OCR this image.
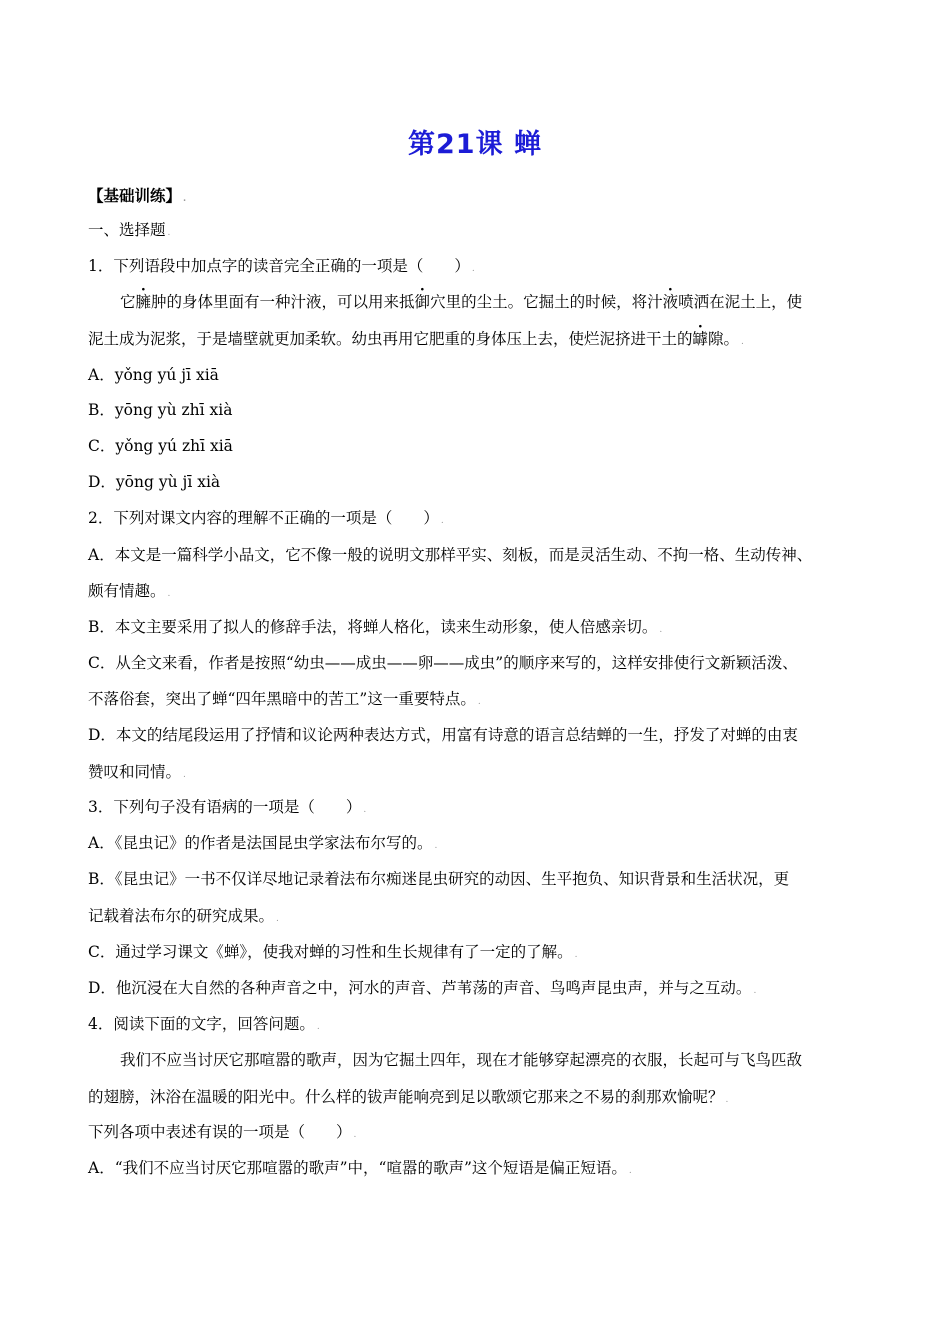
第21课 蝉
【基础训练】 .
一、选择题 .
1．下列语段中加点字的读音完全正确的一项是（　　） .
它臃肿的身体里面有一种汁液，可以用来抵御穴里的尘土。它掘土的时候，将汁液喷洒在泥土上，使
泥土成为泥浆，于是墙壁就更加柔软。幼虫再用它肥重的身体压上去，使烂泥挤进干土的罅隙。 .
A．yǒng yú jī xiā
B．yōng yù zhī xià
C．yǒng yú zhī xiā
D．yōng yù jī xià
2．下列对课文内容的理解不正确的一项是（　　） .
A．本文是一篇科学小品文，它不像一般的说明文那样平实、刻板，而是灵活生动、不拘一格、生动传神、
颇有情趣。 .
B．本文主要采用了拟人的修辞手法，将蝉人格化，读来生动形象，使人倍感亲切。 .
C．从全文来看，作者是按照“幼虫——成虫——卵——成虫”的顺序来写的，这样安排使行文新颖活泼、
不落俗套，突出了蝉“四年黑暗中的苦工”这一重要特点。 .
D．本文的结尾段运用了抒情和议论两种表达方式，用富有诗意的语言总结蝉的一生，抒发了对蝉的由衷
赞叹和同情。 .
3．下列句子没有语病的一项是（　　） .
A．《昆虫记》的作者是法国昆虫学家法布尔写的。 .
B．《昆虫记》一书不仅详尽地记录着法布尔痴迷昆虫研究的动因、生平抱负、知识背景和生活状况，更
记载着法布尔的研究成果。 .
C．通过学习课文《蝉》，使我对蝉的习性和生长规律有了一定的了解。 .
D．他沉浸在大自然的各种声音之中，河水的声音、芦苇荡的声音、鸟鸣声昆虫声，并与之互动。 .
4．阅读下面的文字，回答问题。 .
我们不应当讨厌它那喧嚣的歌声，因为它掘土四年，现在才能够穿起漂亮的衣服，长起可与飞鸟匹敌
的翅膀，沐浴在温暖的阳光中。什么样的钹声能响亮到足以歌颂它那来之不易的刹那欢愉呢？ .
下列各项中表述有误的一项是（　　） .
A．“我们不应当讨厌它那喧嚣的歌声”中，“喧嚣的歌声”这个短语是偏正短语。 .
